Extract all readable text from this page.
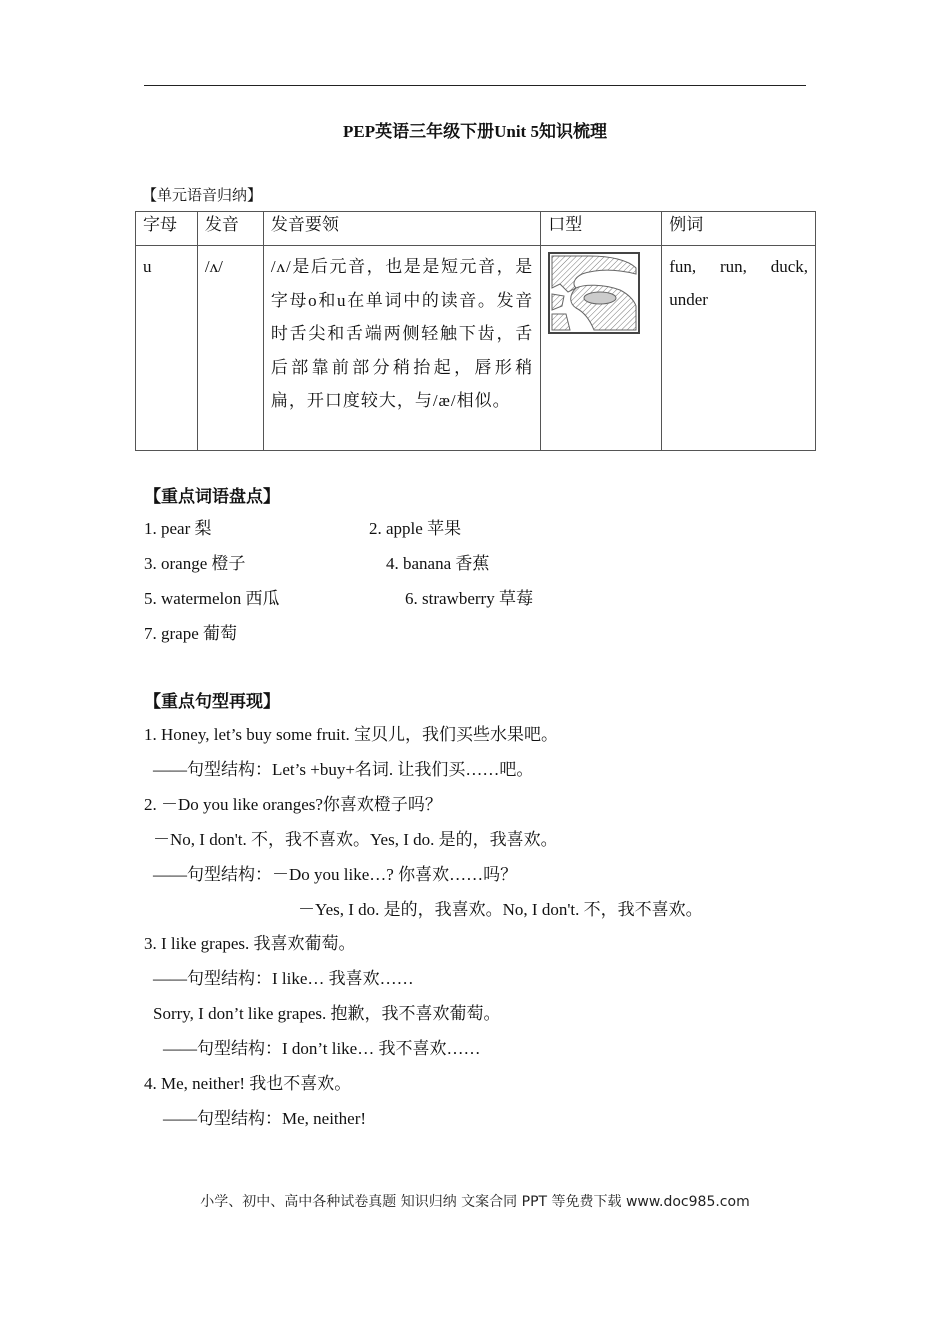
PEP英语三年级下册Unit 5知识梳理
【单元语音归纳】
字母	发音	发音要领	口型	例词
u	/ʌ/	/ʌ/是后元音，也是是短元音，是字母o和u在单词中的读音。发音时舌尖和舌端两侧轻触下齿，舌后部靠前部分稍抬起，唇形稍扁，开口度较大，与/æ/相似。		fun, run, duck,
under
【重点词语盘点】
1. pear 梨	2. apple 苹果
3. orange 橙子	4. banana 香蕉
5. watermelon 西瓜	6. strawberry 草莓
7. grape 葡萄
【重点句型再现】
1. Honey, let’s buy some fruit. 宝贝儿，我们买些水果吧。
——句型结构：Let’s +buy+名词. 让我们买……吧。
2. －Do you like oranges?你喜欢橙子吗？
－No, I don't. 不，我不喜欢。Yes, I do. 是的，我喜欢。
——句型结构：－Do you like…? 你喜欢……吗？
－Yes, I do. 是的，我喜欢。No, I don't. 不，我不喜欢。
3. I like grapes. 我喜欢葡萄。
——句型结构：I like… 我喜欢……
Sorry, I don’t like grapes. 抱歉，我不喜欢葡萄。
——句型结构：I don’t like… 我不喜欢……
4. Me, neither! 我也不喜欢。
——句型结构：Me, neither!
小学、初中、高中各种试卷真题 知识归纳 文案合同 PPT 等免费下载 www.doc985.com
